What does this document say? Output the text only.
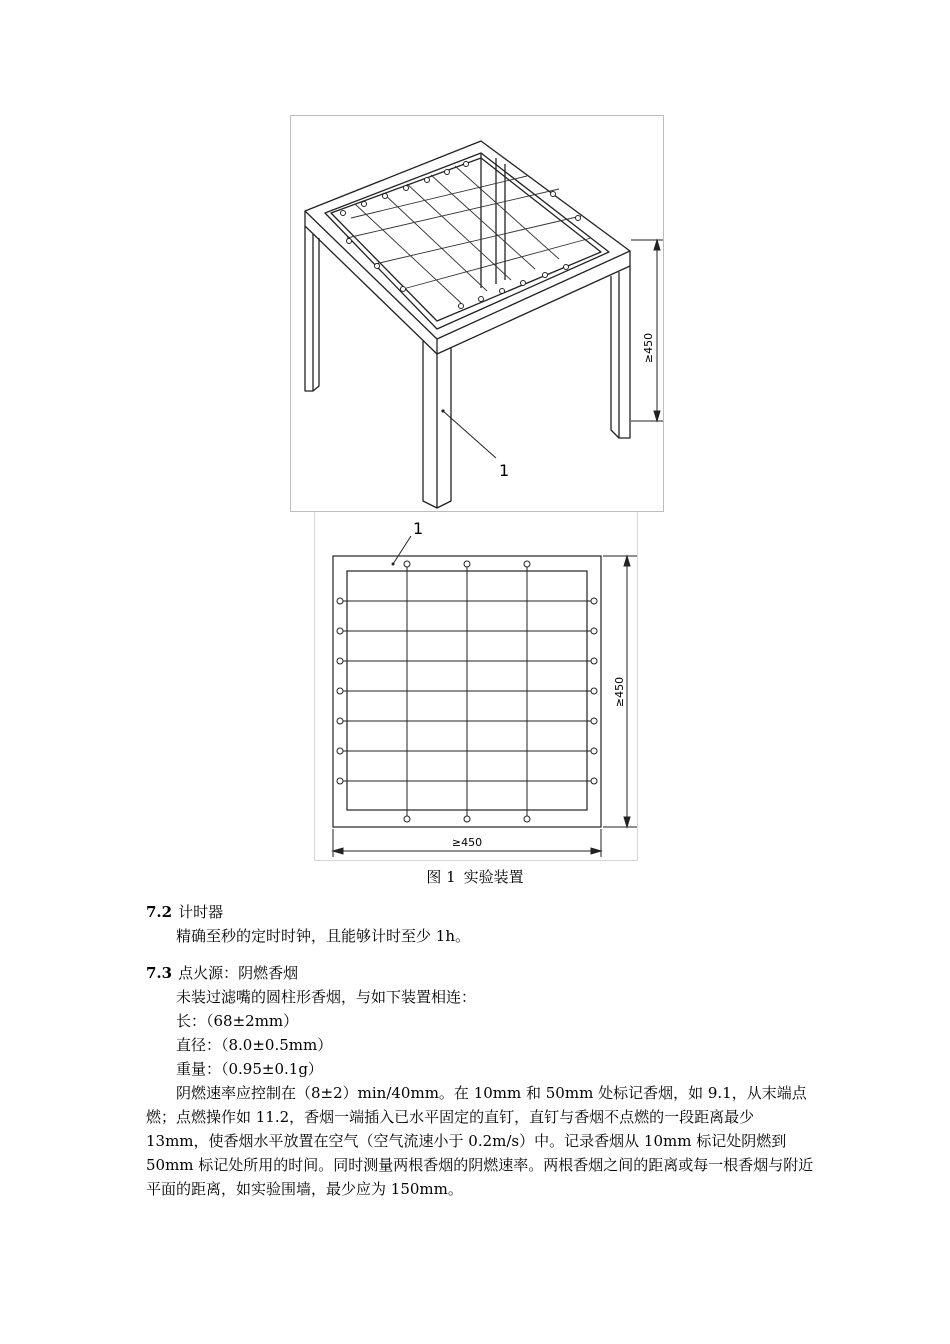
1
≥450
1
≥450
≥450
图 1 实验装置

7.2 计时器

精确至秒的定时时钟，且能够计时至少 1h。

7.3 点火源：阴燃香烟

未装过滤嘴的圆柱形香烟，与如下装置相连：

长：（68±2mm）

直径：（8.0±0.5mm）

重量：（0.95±0.1g）

阴燃速率应控制在（8±2）min/40mm。在 10mm 和 50mm 处标记香烟，如 9.1，从末端点燃；点燃操作如 11.2，香烟一端插入已水平固定的直钉，直钉与香烟不点燃的一段距离最少 13mm，使香烟水平放置在空气（空气流速小于 0.2m/s）中。记录香烟从 10mm 标记处阴燃到 50mm 标记处所用的时间。同时测量两根香烟的阴燃速率。两根香烟之间的距离或每一根香烟与附近平面的距离，如实验围墙，最少应为 150mm。
